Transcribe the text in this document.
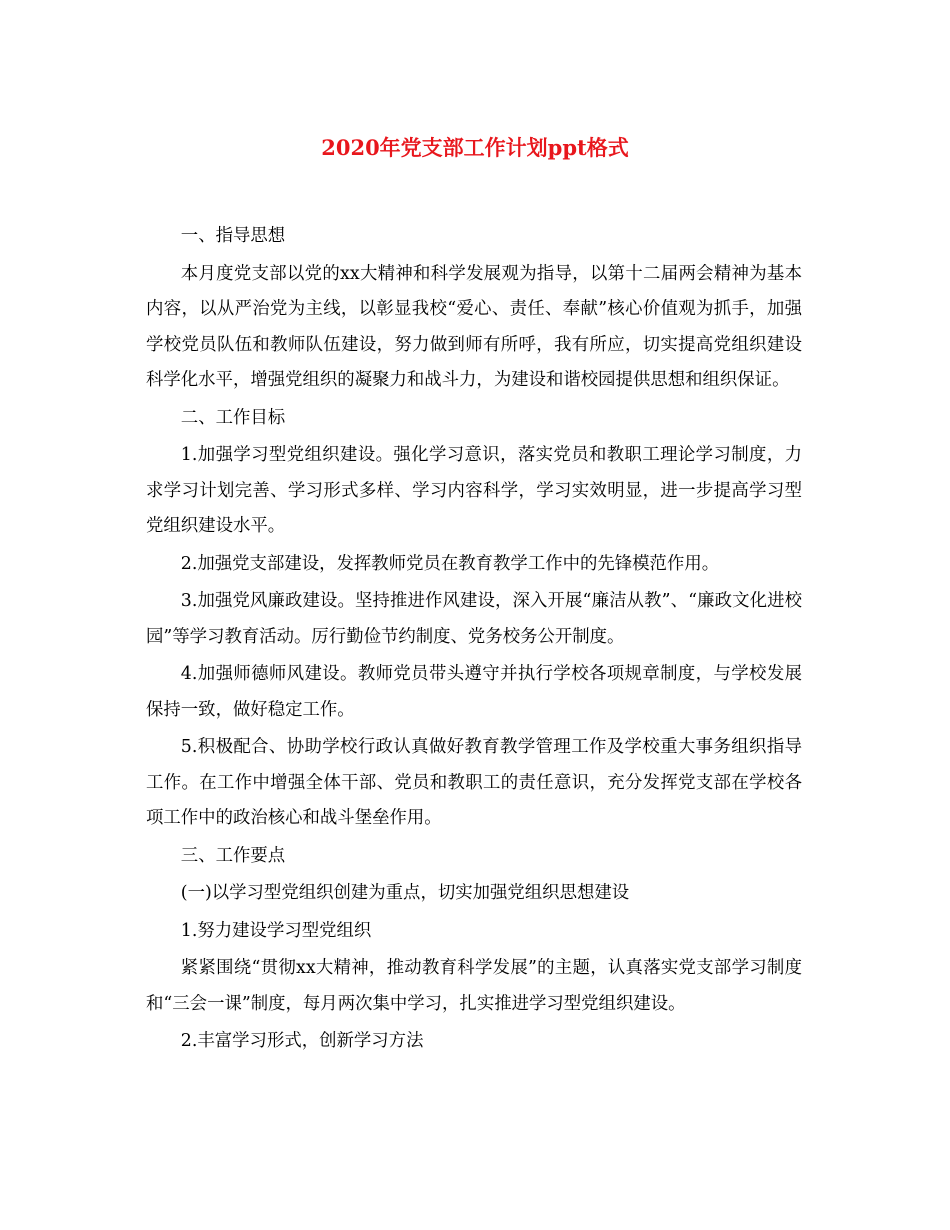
2020年党支部工作计划ppt格式

一、指导思想

本月度党支部以党的xx大精神和科学发展观为指导，以第十二届两会精神为基本内容，以从严治党为主线，以彰显我校“爱心、责任、奉献”核心价值观为抓手，加强学校党员队伍和教师队伍建设，努力做到师有所呼，我有所应，切实提高党组织建设科学化水平，增强党组织的凝聚力和战斗力，为建设和谐校园提供思想和组织保证。

二、工作目标

1.加强学习型党组织建设。强化学习意识，落实党员和教职工理论学习制度，力求学习计划完善、学习形式多样、学习内容科学，学习实效明显，进一步提高学习型党组织建设水平。

2.加强党支部建设，发挥教师党员在教育教学工作中的先锋模范作用。

3.加强党风廉政建设。坚持推进作风建设，深入开展“廉洁从教”、“廉政文化进校园”等学习教育活动。厉行勤俭节约制度、党务校务公开制度。

4.加强师德师风建设。教师党员带头遵守并执行学校各项规章制度，与学校发展保持一致，做好稳定工作。

5.积极配合、协助学校行政认真做好教育教学管理工作及学校重大事务组织指导工作。在工作中增强全体干部、党员和教职工的责任意识，充分发挥党支部在学校各项工作中的政治核心和战斗堡垒作用。

三、工作要点

(一)以学习型党组织创建为重点，切实加强党组织思想建设

1.努力建设学习型党组织

紧紧围绕“贯彻xx大精神，推动教育科学发展”的主题，认真落实党支部学习制度和“三会一课”制度，每月两次集中学习，扎实推进学习型党组织建设。

2.丰富学习形式，创新学习方法
